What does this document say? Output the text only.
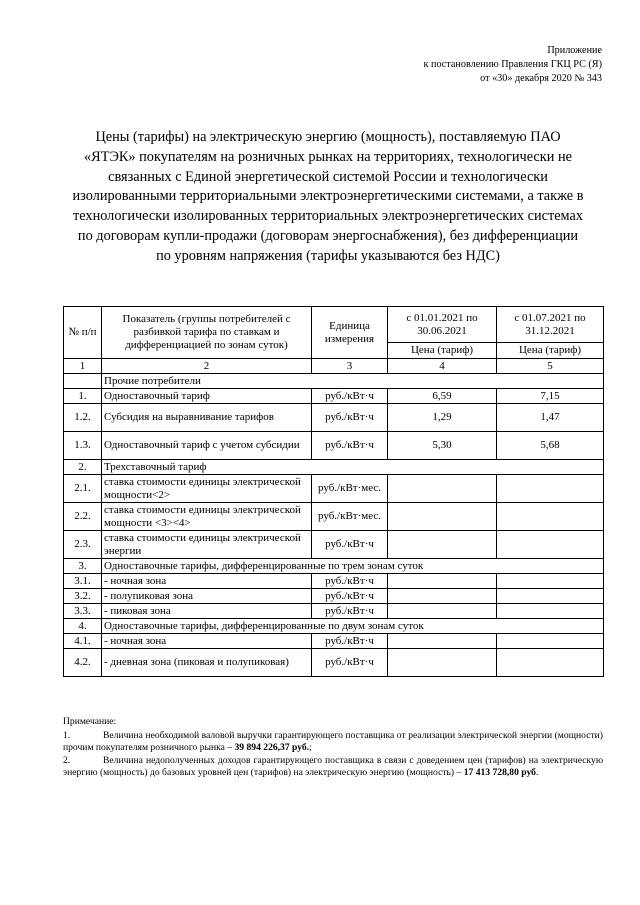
Приложение
к постановлению Правления ГКЦ РС (Я)
от «30» декабря 2020 № 343
Цены (тарифы) на электрическую энергию (мощность), поставляемую ПАО
«ЯТЭК» покупателям на розничных рынках на территориях, технологически не
связанных с Единой энергетической системой России и технологически
изолированными территориальными электроэнергетическими системами, а также в
технологически изолированных территориальных электроэнергетических системах
по договорам купли-продажи (договорам энергоснабжения), без дифференциации
по уровням напряжения (тарифы указываются без НДС)
№ п/п	Показатель (группы потребителей с разбивкой тарифа по ставкам и дифференциацией по зонам суток)	Единица измерения	с 01.01.2021 по 30.06.2021	с 01.07.2021 по 31.12.2021
			Цена (тариф)	Цена (тариф)
1	2	3	4	5
	Прочие потребители			
1.	Одноставочный тариф	руб./кВт·ч	6,59	7,15
1.2.	Субсидия на выравнивание тарифов	руб./кВт·ч	1,29	1,47
1.3.	Одноставочный тариф с учетом субсидии	руб./кВт·ч	5,30	5,68
2.	Трехставочный тариф			
2.1.	ставка стоимости единицы электрической мощности<2>	руб./кВт·мес.		
2.2.	ставка стоимости единицы электрической мощности <3><4>	руб./кВт·мес.		
2.3.	ставка стоимости единицы электрической энергии	руб./кВт·ч		
3.	Одноставочные тарифы, дифференцированные по трем зонам суток			
3.1.	- ночная зона	руб./кВт·ч		
3.2.	- полупиковая зона	руб./кВт·ч		
3.3.	- пиковая зона	руб./кВт·ч		
4.	Одноставочные тарифы, дифференцированные по двум зонам суток			
4.1.	- ночная зона	руб./кВт·ч		
4.2.	- дневная зона (пиковая и полупиковая)	руб./кВт·ч		
Примечание:
1.	Величина необходимой валовой выручки гарантирующего поставщика от реализации электрической энергии (мощности) прочим покупателям розничного рынка – 39 894 226,37 руб.;
2.	Величина недополученных доходов гарантирующего поставщика в связи с доведением цен (тарифов) на электрическую энергию (мощность) до базовых уровней цен (тарифов) на электрическую энергию (мощность) – 17 413 728,80 руб.
